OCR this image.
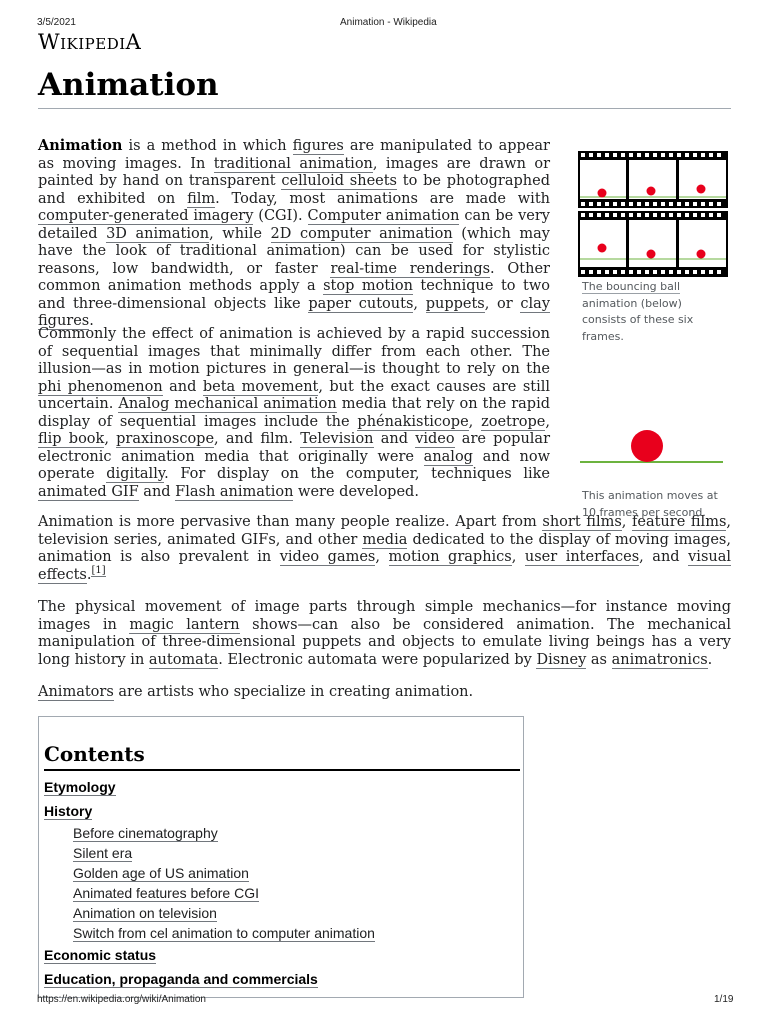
3/5/2021	Animation - Wikipedia
WIKIPEDIA
Animation

Animation is a method in which figures are manipulated to appear as moving images. In traditional animation, images are drawn or painted by hand on transparent celluloid sheets to be photographed and exhibited on film. Today, most animations are made with computer-generated imagery (CGI). Computer animation can be very detailed 3D animation, while 2D computer animation (which may have the look of traditional animation) can be used for stylistic reasons, low bandwidth, or faster real-time renderings. Other common animation methods apply a stop motion technique to two and three-dimensional objects like paper cutouts, puppets, or clay figures.

Commonly the effect of animation is achieved by a rapid succession of sequential images that minimally differ from each other. The illusion—as in motion pictures in general—is thought to rely on the phi phenomenon and beta movement, but the exact causes are still uncertain. Analog mechanical animation media that rely on the rapid display of sequential images include the phénakisticope, zoetrope, flip book, praxinoscope, and film. Television and video are popular electronic animation media that originally were analog and now operate digitally. For display on the computer, techniques like animated GIF and Flash animation were developed.

Animation is more pervasive than many people realize. Apart from short films, feature films, television series, animated GIFs, and other media dedicated to the display of moving images, animation is also prevalent in video games, motion graphics, user interfaces, and visual effects.[1]

The physical movement of image parts through simple mechanics—for instance moving images in magic lantern shows—can also be considered animation. The mechanical manipulation of three-dimensional puppets and objects to emulate living beings has a very long history in automata. Electronic automata were popularized by Disney as animatronics.

Animators are artists who specialize in creating animation.

The bouncing ball animation (below) consists of these six frames.

This animation moves at 10 frames per second.

Contents
Etymology
History
Before cinematography
Silent era
Golden age of US animation
Animated features before CGI
Animation on television
Switch from cel animation to computer animation
Economic status
Education, propaganda and commercials
https://en.wikipedia.org/wiki/Animation	1/19
